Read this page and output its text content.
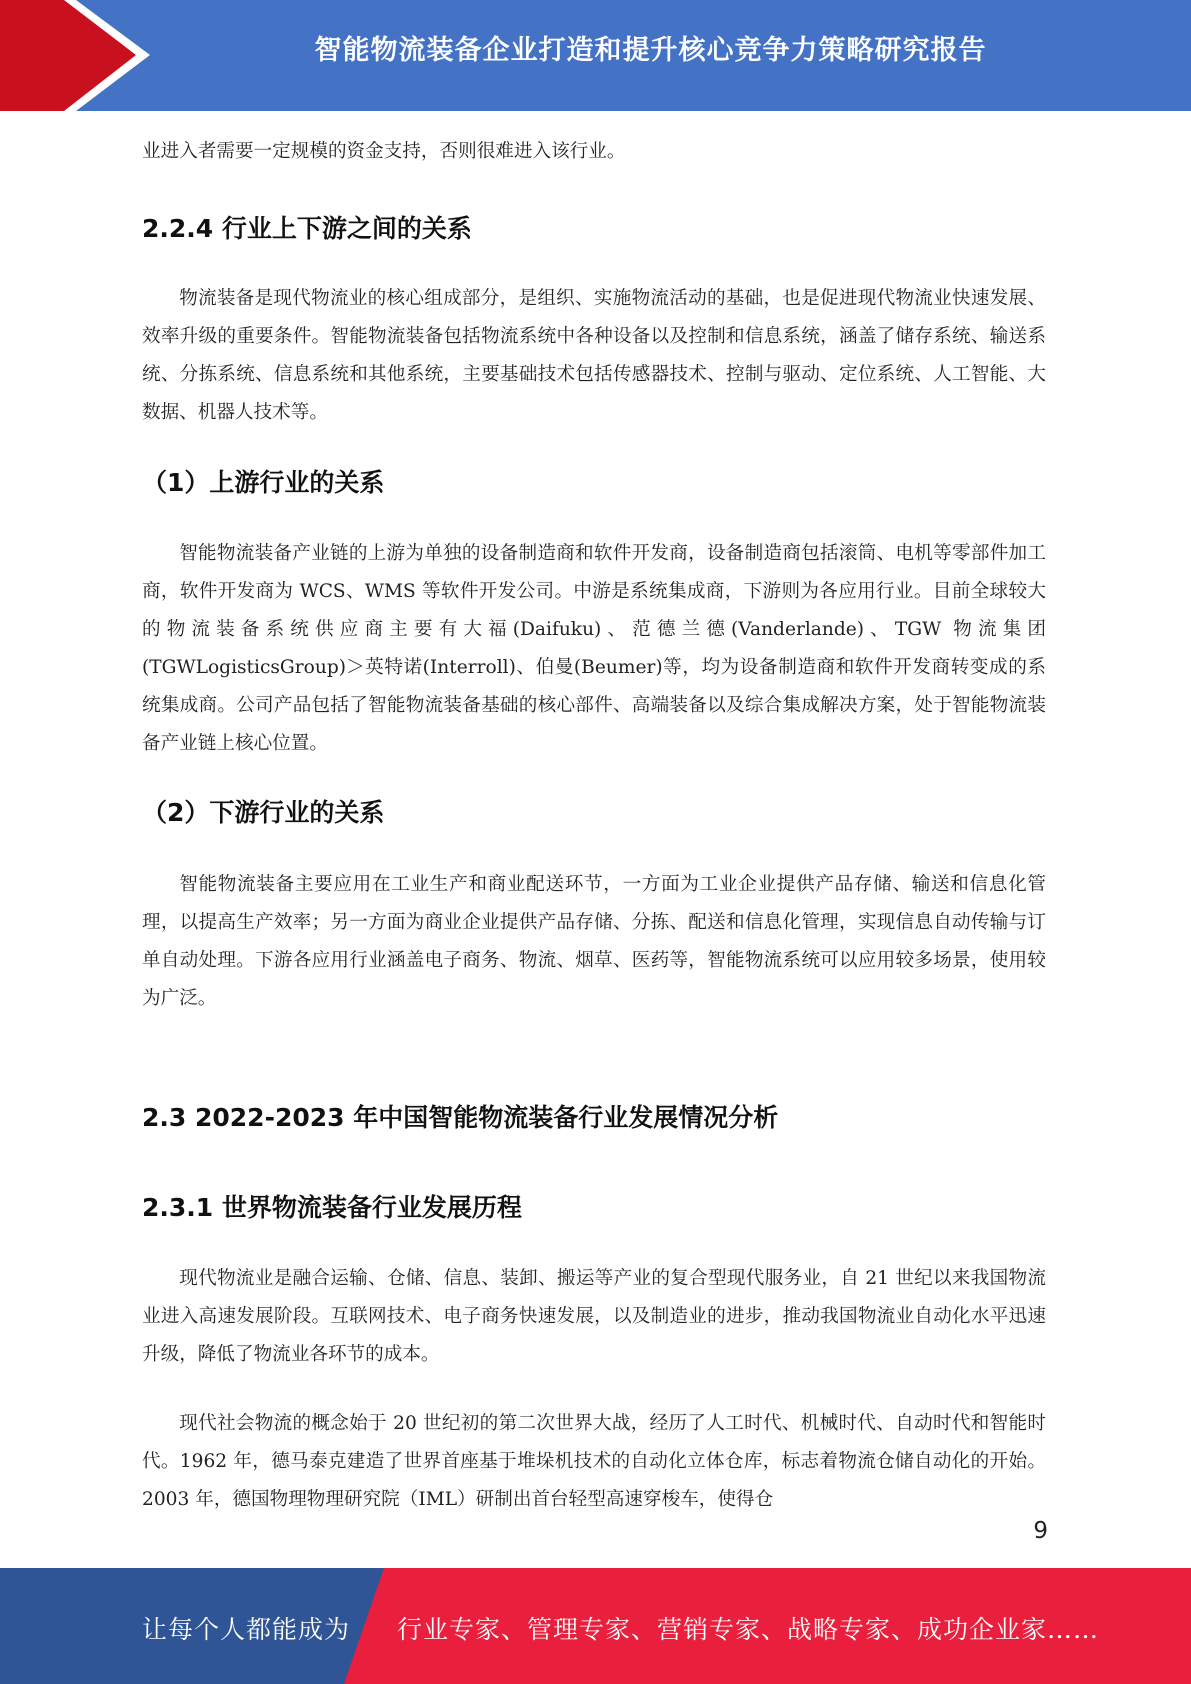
智能物流装备企业打造和提升核心竞争力策略研究报告

业进入者需要一定规模的资金支持，否则很难进入该行业。

2.2.4 行业上下游之间的关系

物流装备是现代物流业的核心组成部分，是组织、实施物流活动的基础，也是促进现代物流业快速发展、效率升级的重要条件。智能物流装备包括物流系统中各种设备以及控制和信息系统，涵盖了储存系统、输送系统、分拣系统、信息系统和其他系统，主要基础技术包括传感器技术、控制与驱动、定位系统、人工智能、大数据、机器人技术等。

（1）上游行业的关系

智能物流装备产业链的上游为单独的设备制造商和软件开发商，设备制造商包括滚筒、电机等零部件加工商，软件开发商为 WCS、WMS 等软件开发公司。中游是系统集成商，下游则为各应用行业。目前全球较大的物流装备系统供应商主要有大福(Daifuku)、范德兰德(Vanderlande)、TGW 物流集团(TGWLogisticsGroup)＞英特诺(Interroll)、伯曼(Beumer)等，均为设备制造商和软件开发商转变成的系统集成商。公司产品包括了智能物流装备基础的核心部件、高端装备以及综合集成解决方案，处于智能物流装备产业链上核心位置。

（2）下游行业的关系

智能物流装备主要应用在工业生产和商业配送环节，一方面为工业企业提供产品存储、输送和信息化管理，以提高生产效率；另一方面为商业企业提供产品存储、分拣、配送和信息化管理，实现信息自动传输与订单自动处理。下游各应用行业涵盖电子商务、物流、烟草、医药等，智能物流系统可以应用较多场景，使用较为广泛。

2.3 2022-2023 年中国智能物流装备行业发展情况分析
2.3.1 世界物流装备行业发展历程

现代物流业是融合运输、仓储、信息、装卸、搬运等产业的复合型现代服务业，自 21 世纪以来我国物流业进入高速发展阶段。互联网技术、电子商务快速发展，以及制造业的进步，推动我国物流业自动化水平迅速升级，降低了物流业各环节的成本。

现代社会物流的概念始于 20 世纪初的第二次世界大战，经历了人工时代、机械时代、自动时代和智能时代。1962 年，德马泰克建造了世界首座基于堆垛机技术的自动化立体仓库，标志着物流仓储自动化的开始。2003 年，德国物理物理研究院（IML）研制出首台轻型高速穿梭车，使得仓

9
让每个人都能成为 行业专家、管理专家、营销专家、战略专家、成功企业家……
